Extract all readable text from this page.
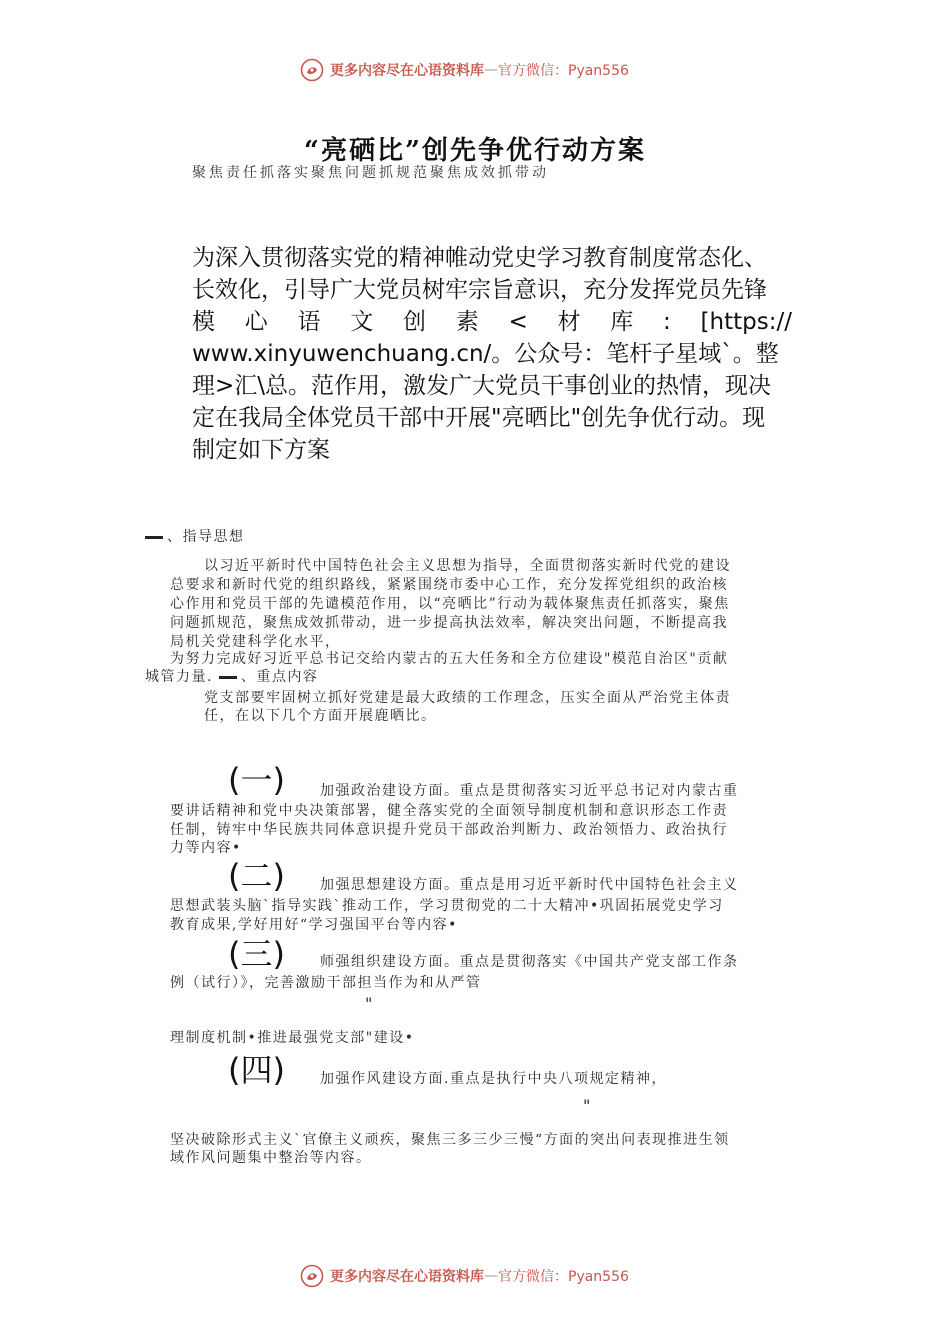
更多内容尽在心语资料库 — 官方微信：Pyan556
“亮硒比”创先争优行动方案
聚焦责任抓落实聚焦问题抓规范聚焦成效抓带动
为深入贯彻落实党的精神帷动党史学习教育制度常态化、
长效化，引导广大党员树牢宗旨意识，充分发挥党员先锋
模 心 语 文 创 素 < 材 库 : [https://
www.xinyuwenchuang.cn/。公众号：笔杆子星域`。整
理>汇\总。范作用，激发广大党员干事创业的热情，现决
定在我局全体党员干部中开展"亮晒比"创先争优行动。现
制定如下方案
、指导思想
以习近平新时代中国特色社会主义思想为指导，全面贯彻落实新时代党的建设
总要求和新时代党的组织路线，紧紧围绕市委中心工作，充分发挥党组织的政治核
心作用和党员干部的先谴模范作用，以“亮晒比”行动为载体聚焦责任抓落实，聚焦
问题抓规范，聚焦成效抓带动，进一步提高执法效率，解决突出问题，不断提高我
局机关党建科学化水平，
为努力完成好习近平总书记交给内蒙古的五大任务和全方位建设"模范自治区"贡献
城管力量. 、重点内容
党支部要牢固树立抓好党建是最大政绩的工作理念，压实全面从严治党主体责
任，在以下几个方面开展鹿晒比。
(一)	加强政治建设方面。重点是贯彻落实习近平总书记对内蒙古重
要讲话精神和党中央决策部署，健全落实党的全面领导制度机制和意识形态工作责
任制，铸牢中华民族共同体意识提升党员干部政治判断力、政治领悟力、政治执行
力等内容•
(二)	加强思想建设方面。重点是用习近平新时代中国特色社会主义
思想武装头脑`指导实践`推动工作，学习贯彻党的二十大精冲•巩固拓展党史学习
教育成果,学好用好“学习强国平台等内容•
(三)	师强组织建设方面。重点是贯彻落实《中国共产党支部工作条
例（试行）》，完善激励干部担当作为和从严管
"
理制度机制•推进最强党支部"建设•
(四)	加强作风建设方面.重点是执行中央八项规定精神，
"
坚决破除形式主义`官僚主义顽疾，聚焦三多三少三慢“方面的突出问表现推进生领
域作风问题集中整治等内容。
更多内容尽在心语资料库 — 官方微信：Pyan556
